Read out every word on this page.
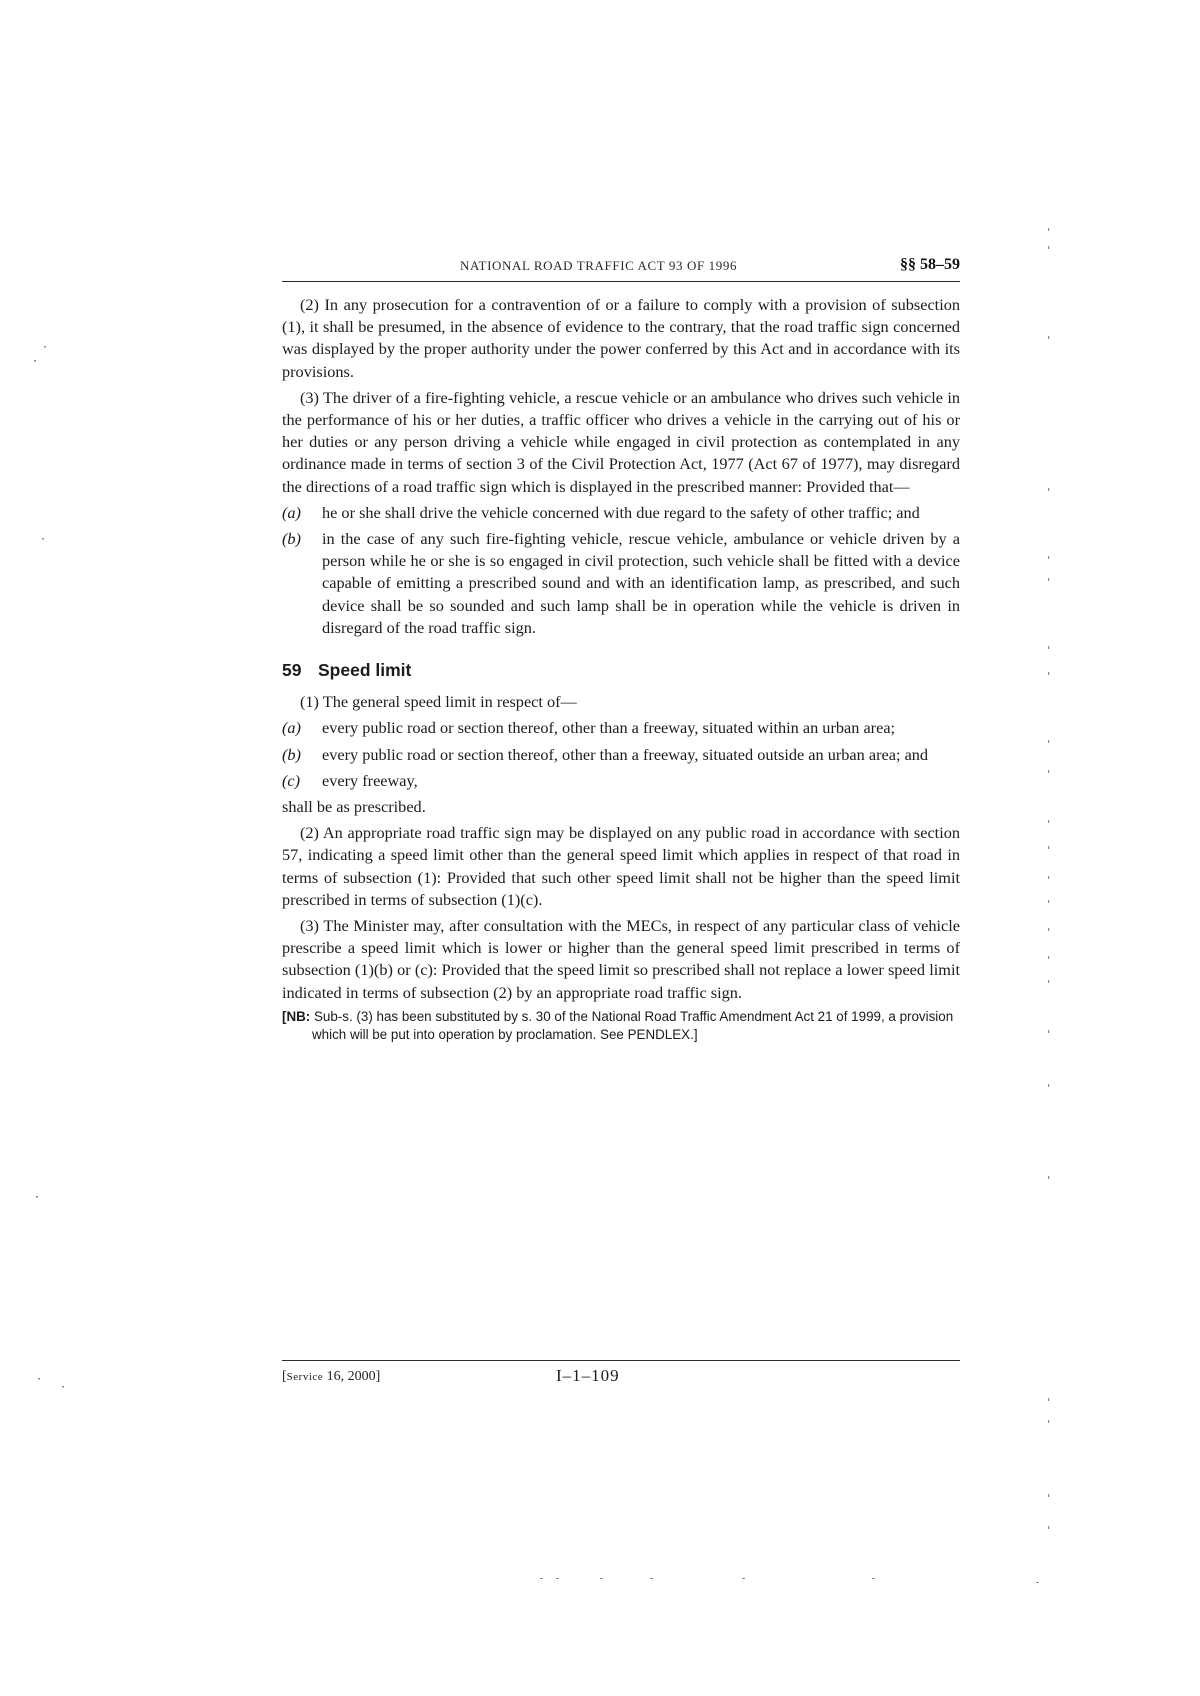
NATIONAL ROAD TRAFFIC ACT 93 OF 1996	§§ 58–59

(2) In any prosecution for a contravention of or a failure to comply with a provision of subsection (1), it shall be presumed, in the absence of evidence to the contrary, that the road traffic sign concerned was displayed by the proper authority under the power conferred by this Act and in accordance with its provisions.

(3) The driver of a fire-fighting vehicle, a rescue vehicle or an ambulance who drives such vehicle in the performance of his or her duties, a traffic officer who drives a vehicle in the carrying out of his or her duties or any person driving a vehicle while engaged in civil protection as contemplated in any ordinance made in terms of section 3 of the Civil Protection Act, 1977 (Act 67 of 1977), may disregard the directions of a road traffic sign which is displayed in the prescribed manner: Provided that—

(a) he or she shall drive the vehicle concerned with due regard to the safety of other traffic; and
(b) in the case of any such fire-fighting vehicle, rescue vehicle, ambulance or vehicle driven by a person while he or she is so engaged in civil protection, such vehicle shall be fitted with a device capable of emitting a prescribed sound and with an identification lamp, as prescribed, and such device shall be so sounded and such lamp shall be in operation while the vehicle is driven in disregard of the road traffic sign.
59 Speed limit

(1) The general speed limit in respect of—

(a) every public road or section thereof, other than a freeway, situated within an urban area;
(b) every public road or section thereof, other than a freeway, situated outside an urban area; and
(c) every freeway,

shall be as prescribed.

(2) An appropriate road traffic sign may be displayed on any public road in accordance with section 57, indicating a speed limit other than the general speed limit which applies in respect of that road in terms of subsection (1): Provided that such other speed limit shall not be higher than the speed limit prescribed in terms of subsection (1)(c).

(3) The Minister may, after consultation with the MECs, in respect of any particular class of vehicle prescribe a speed limit which is lower or higher than the general speed limit prescribed in terms of subsection (1)(b) or (c): Provided that the speed limit so prescribed shall not replace a lower speed limit indicated in terms of subsection (2) by an appropriate road traffic sign.

[NB: Sub-s. (3) has been substituted by s. 30 of the National Road Traffic Amendment Act 21 of 1999, a provision which will be put into operation by proclamation. See PENDLEX.]

[Service 16, 2000]	I–1–109
